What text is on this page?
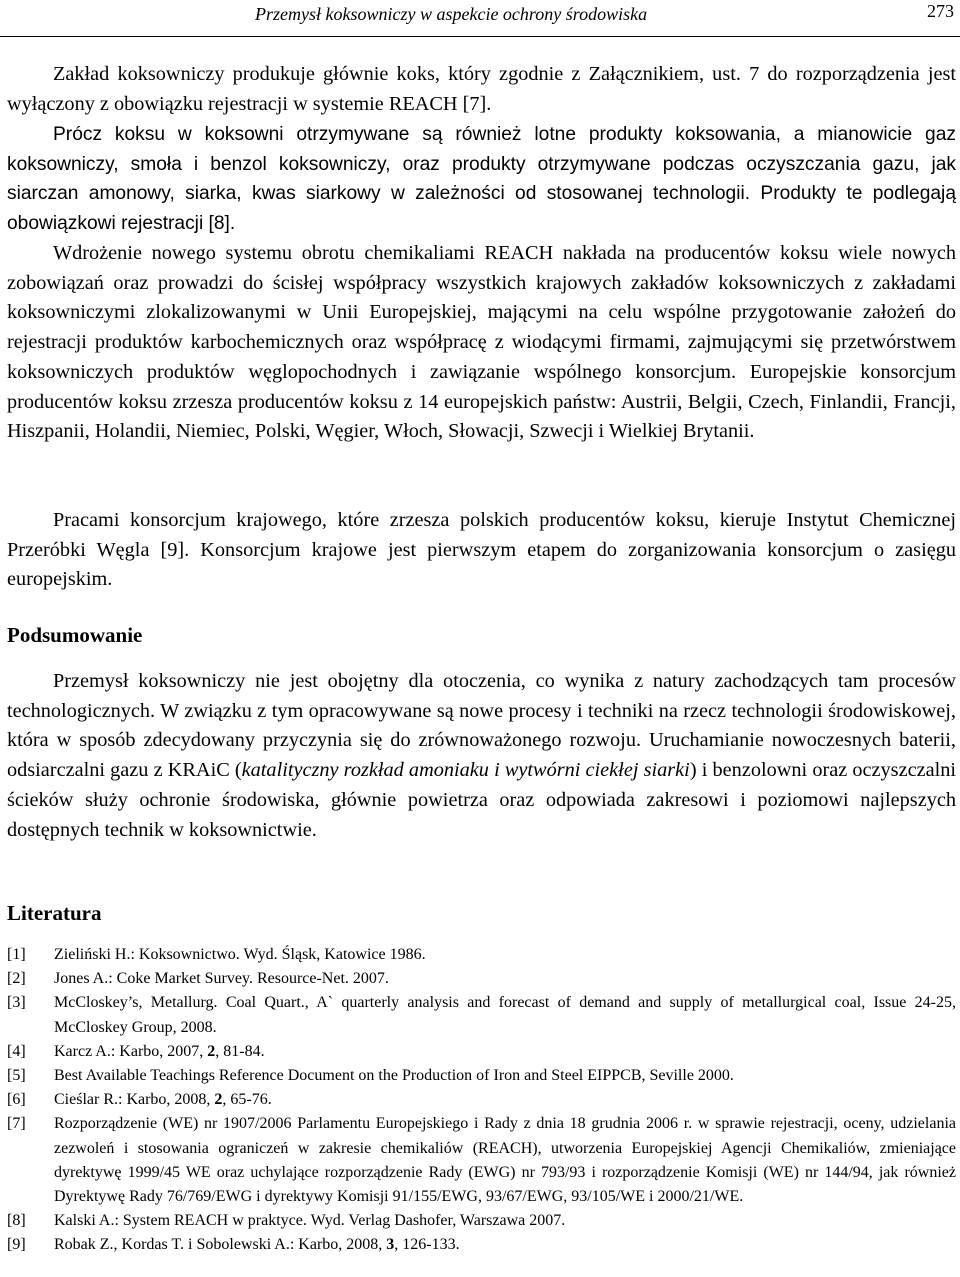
Przemysł koksowniczy w aspekcie ochrony środowiska	273

Zakład koksowniczy produkuje głównie koks, który zgodnie z Załącznikiem, ust. 7 do rozporządzenia jest wyłączony z obowiązku rejestracji w systemie REACH [7].

Prócz koksu w koksowni otrzymywane są również lotne produkty koksowania, a mianowicie gaz koksowniczy, smoła i benzol koksowniczy, oraz produkty otrzymywane podczas oczyszczania gazu, jak siarczan amonowy, siarka, kwas siarkowy w zależności od stosowanej technologii. Produkty te podlegają obowiązkowi rejestracji [8].

Wdrożenie nowego systemu obrotu chemikaliami REACH nakłada na producentów koksu wiele nowych zobowiązań oraz prowadzi do ścisłej współpracy wszystkich krajowych zakładów koksowniczych z zakładami koksowniczymi zlokalizowanymi w Unii Europejskiej, mającymi na celu wspólne przygotowanie założeń do rejestracji produktów karbochemicznych oraz współpracę z wiodącymi firmami, zajmującymi się przetwórstwem koksowniczych produktów węglopochodnych i zawiązanie wspólnego konsorcjum. Europejskie konsorcjum producentów koksu zrzesza producentów koksu z 14 europejskich państw: Austrii, Belgii, Czech, Finlandii, Francji, Hiszpanii, Holandii, Niemiec, Polski, Węgier, Włoch, Słowacji, Szwecji i Wielkiej Brytanii.

Pracami konsorcjum krajowego, które zrzesza polskich producentów koksu, kieruje Instytut Chemicznej Przeróbki Węgla [9]. Konsorcjum krajowe jest pierwszym etapem do zorganizowania konsorcjum o zasięgu europejskim.

Podsumowanie

Przemysł koksowniczy nie jest obojętny dla otoczenia, co wynika z natury zachodzących tam procesów technologicznych. W związku z tym opracowywane są nowe procesy i techniki na rzecz technologii środowiskowej, która w sposób zdecydowany przyczynia się do zrównoważonego rozwoju. Uruchamianie nowoczesnych baterii, odsiarczalni gazu z KRAiC (katalityczny rozkład amoniaku i wytwórni ciekłej siarki) i benzolowni oraz oczyszczalni ścieków służy ochronie środowiska, głównie powietrza oraz odpowiada zakresowi i poziomowi najlepszych dostępnych technik w koksownictwie.

Literatura
[1] Zieliński H.: Koksownictwo. Wyd. Śląsk, Katowice 1986.
[2] Jones A.: Coke Market Survey. Resource-Net. 2007.
[3] McCloskey’s, Metallurg. Coal Quart., A` quarterly analysis and forecast of demand and supply of metallurgical coal, Issue 24-25, McCloskey Group, 2008.
[4] Karcz A.: Karbo, 2007, 2, 81-84.
[5] Best Available Teachings Reference Document on the Production of Iron and Steel EIPPCB, Seville 2000.
[6] Cieślar R.: Karbo, 2008, 2, 65-76.
[7] Rozporządzenie (WE) nr 1907/2006 Parlamentu Europejskiego i Rady z dnia 18 grudnia 2006 r. w sprawie rejestracji, oceny, udzielania zezwoleń i stosowania ograniczeń w zakresie chemikaliów (REACH), utworzenia Europejskiej Agencji Chemikaliów, zmieniające dyrektywę 1999/45 WE oraz uchylające rozporządzenie Rady (EWG) nr 793/93 i rozporządzenie Komisji (WE) nr 144/94, jak również Dyrektywę Rady 76/769/EWG i dyrektywy Komisji 91/155/EWG, 93/67/EWG, 93/105/WE i 2000/21/WE.
[8] Kalski A.: System REACH w praktyce. Wyd. Verlag Dashofer, Warszawa 2007.
[9] Robak Z., Kordas T. i Sobolewski A.: Karbo, 2008, 3, 126-133.
